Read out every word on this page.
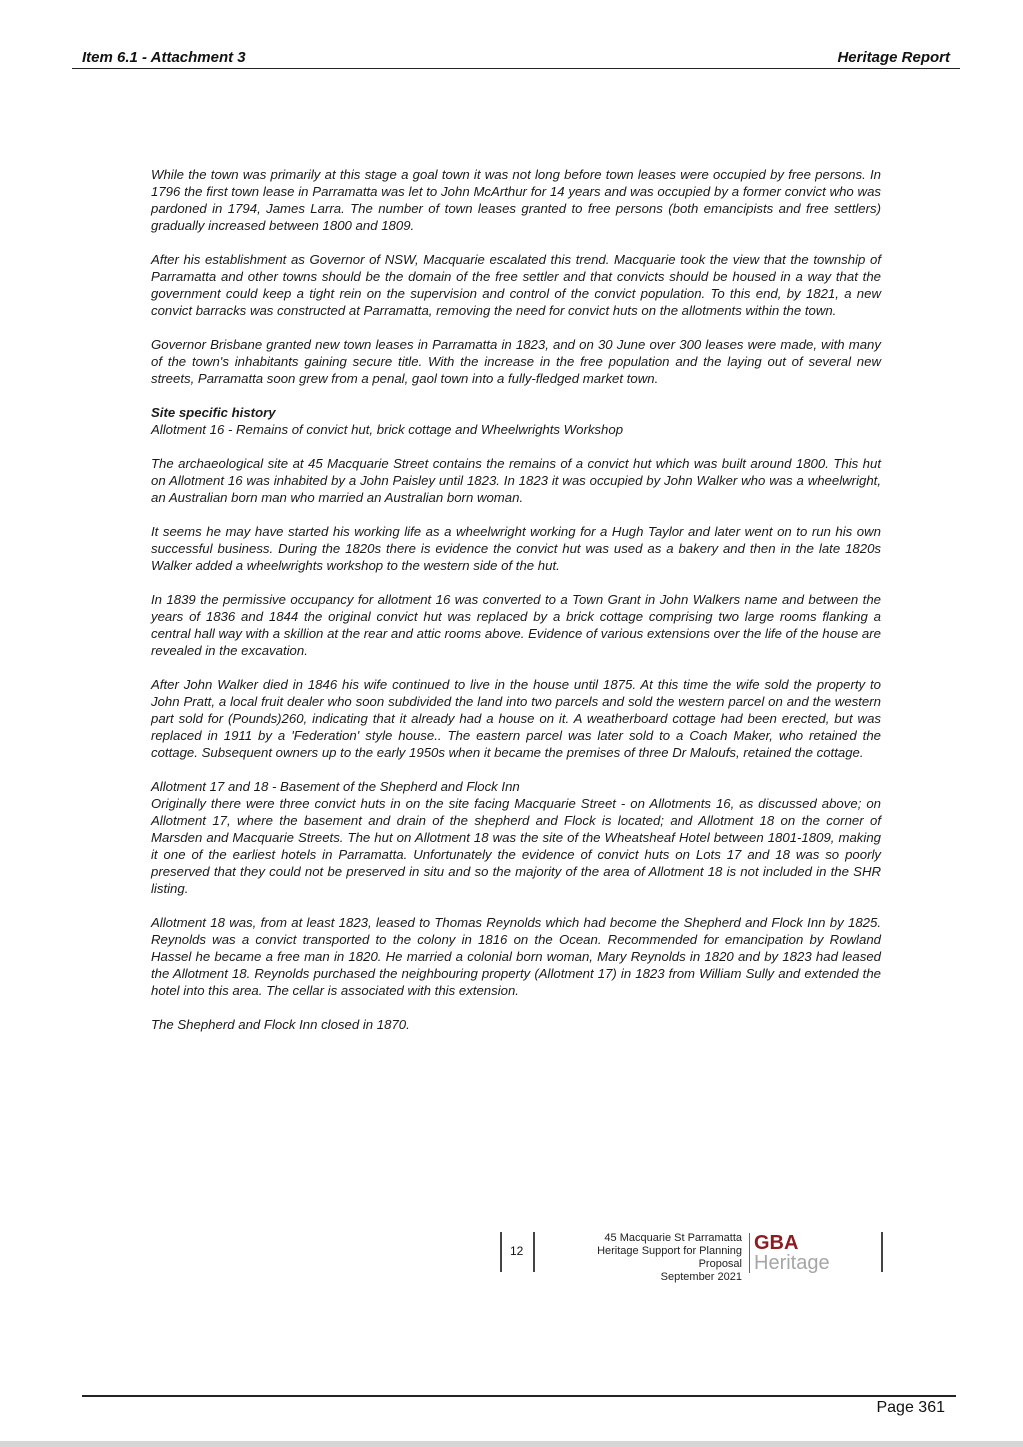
Item 6.1 - Attachment 3	Heritage Report

While the town was primarily at this stage a goal town it was not long before town leases were occupied by free persons. In 1796 the first town lease in Parramatta was let to John McArthur for 14 years and was occupied by a former convict who was pardoned in 1794, James Larra. The number of town leases granted to free persons (both emancipists and free settlers) gradually increased between 1800 and 1809.

After his establishment as Governor of NSW, Macquarie escalated this trend. Macquarie took the view that the township of Parramatta and other towns should be the domain of the free settler and that convicts should be housed in a way that the government could keep a tight rein on the supervision and control of the convict population. To this end, by 1821, a new convict barracks was constructed at Parramatta, removing the need for convict huts on the allotments within the town.

Governor Brisbane granted new town leases in Parramatta in 1823, and on 30 June over 300 leases were made, with many of the town's inhabitants gaining secure title. With the increase in the free population and the laying out of several new streets, Parramatta soon grew from a penal, gaol town into a fully-fledged market town.

Site specific history

Allotment 16 - Remains of convict hut, brick cottage and Wheelwrights Workshop

The archaeological site at 45 Macquarie Street contains the remains of a convict hut which was built around 1800. This hut on Allotment 16 was inhabited by a John Paisley until 1823. In 1823 it was occupied by John Walker who was a wheelwright, an Australian born man who married an Australian born woman.

It seems he may have started his working life as a wheelwright working for a Hugh Taylor and later went on to run his own successful business. During the 1820s there is evidence the convict hut was used as a bakery and then in the late 1820s Walker added a wheelwrights workshop to the western side of the hut.

In 1839 the permissive occupancy for allotment 16 was converted to a Town Grant in John Walkers name and between the years of 1836 and 1844 the original convict hut was replaced by a brick cottage comprising two large rooms flanking a central hall way with a skillion at the rear and attic rooms above. Evidence of various extensions over the life of the house are revealed in the excavation.

After John Walker died in 1846 his wife continued to live in the house until 1875. At this time the wife sold the property to John Pratt, a local fruit dealer who soon subdivided the land into two parcels and sold the western parcel on and the western part sold for (Pounds)260, indicating that it already had a house on it. A weatherboard cottage had been erected, but was replaced in 1911 by a 'Federation' style house.. The eastern parcel was later sold to a Coach Maker, who retained the cottage. Subsequent owners up to the early 1950s when it became the premises of three Dr Maloufs, retained the cottage.

Allotment 17 and 18 - Basement of the Shepherd and Flock Inn

Originally there were three convict huts in on the site facing Macquarie Street - on Allotments 16, as discussed above; on Allotment 17, where the basement and drain of the shepherd and Flock is located; and Allotment 18 on the corner of Marsden and Macquarie Streets. The hut on Allotment 18 was the site of the Wheatsheaf Hotel between 1801-1809, making it one of the earliest hotels in Parramatta. Unfortunately the evidence of convict huts on Lots 17 and 18 was so poorly preserved that they could not be preserved in situ and so the majority of the area of Allotment 18 is not included in the SHR listing.

Allotment 18 was, from at least 1823, leased to Thomas Reynolds which had become the Shepherd and Flock Inn by 1825. Reynolds was a convict transported to the colony in 1816 on the Ocean. Recommended for emancipation by Rowland Hassel he became a free man in 1820. He married a colonial born woman, Mary Reynolds in 1820 and by 1823 had leased the Allotment 18. Reynolds purchased the neighbouring property (Allotment 17) in 1823 from William Sully and extended the hotel into this area. The cellar is associated with this extension.

The Shepherd and Flock Inn closed in 1870.

12
45 Macquarie St Parramatta
Heritage Support for Planning
Proposal
September 2021
GBA
Heritage
Page 361
